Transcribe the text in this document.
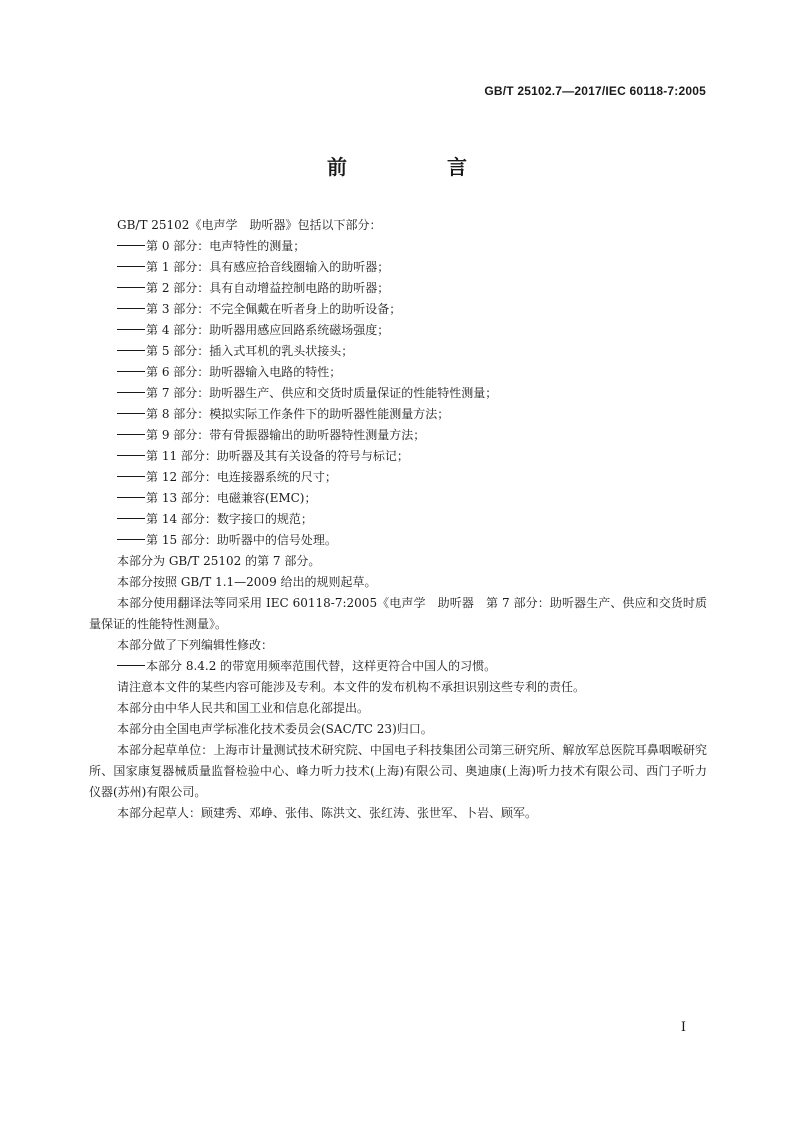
GB/T 25102.7—2017/IEC 60118-7:2005
前　言
GB/T 25102《电声学　助听器》包括以下部分：
第 0 部分：电声特性的测量；
第 1 部分：具有感应拾音线圈输入的助听器；
第 2 部分：具有自动增益控制电路的助听器；
第 3 部分：不完全佩戴在听者身上的助听设备；
第 4 部分：助听器用感应回路系统磁场强度；
第 5 部分：插入式耳机的乳头状接头；
第 6 部分：助听器输入电路的特性；
第 7 部分：助听器生产、供应和交货时质量保证的性能特性测量；
第 8 部分：模拟实际工作条件下的助听器性能测量方法；
第 9 部分：带有骨振器输出的助听器特性测量方法；
第 11 部分：助听器及其有关设备的符号与标记；
第 12 部分：电连接器系统的尺寸；
第 13 部分：电磁兼容(EMC)；
第 14 部分：数字接口的规范；
第 15 部分：助听器中的信号处理。
本部分为 GB/T 25102 的第 7 部分。
本部分按照 GB/T 1.1—2009 给出的规则起草。
本部分使用翻译法等同采用 IEC 60118-7:2005《电声学　助听器　第 7 部分：助听器生产、供应和交货时质量保证的性能特性测量》。
本部分做了下列编辑性修改：
本部分 8.4.2 的带宽用频率范围代替，这样更符合中国人的习惯。
请注意本文件的某些内容可能涉及专利。本文件的发布机构不承担识别这些专利的责任。
本部分由中华人民共和国工业和信息化部提出。
本部分由全国电声学标准化技术委员会(SAC/TC 23)归口。
本部分起草单位：上海市计量测试技术研究院、中国电子科技集团公司第三研究所、解放军总医院耳鼻咽喉研究所、国家康复器械质量监督检验中心、峰力听力技术(上海)有限公司、奥迪康(上海)听力技术有限公司、西门子听力仪器(苏州)有限公司。
本部分起草人：顾建秀、邓峥、张伟、陈洪文、张红涛、张世军、卜岩、顾军。
I
